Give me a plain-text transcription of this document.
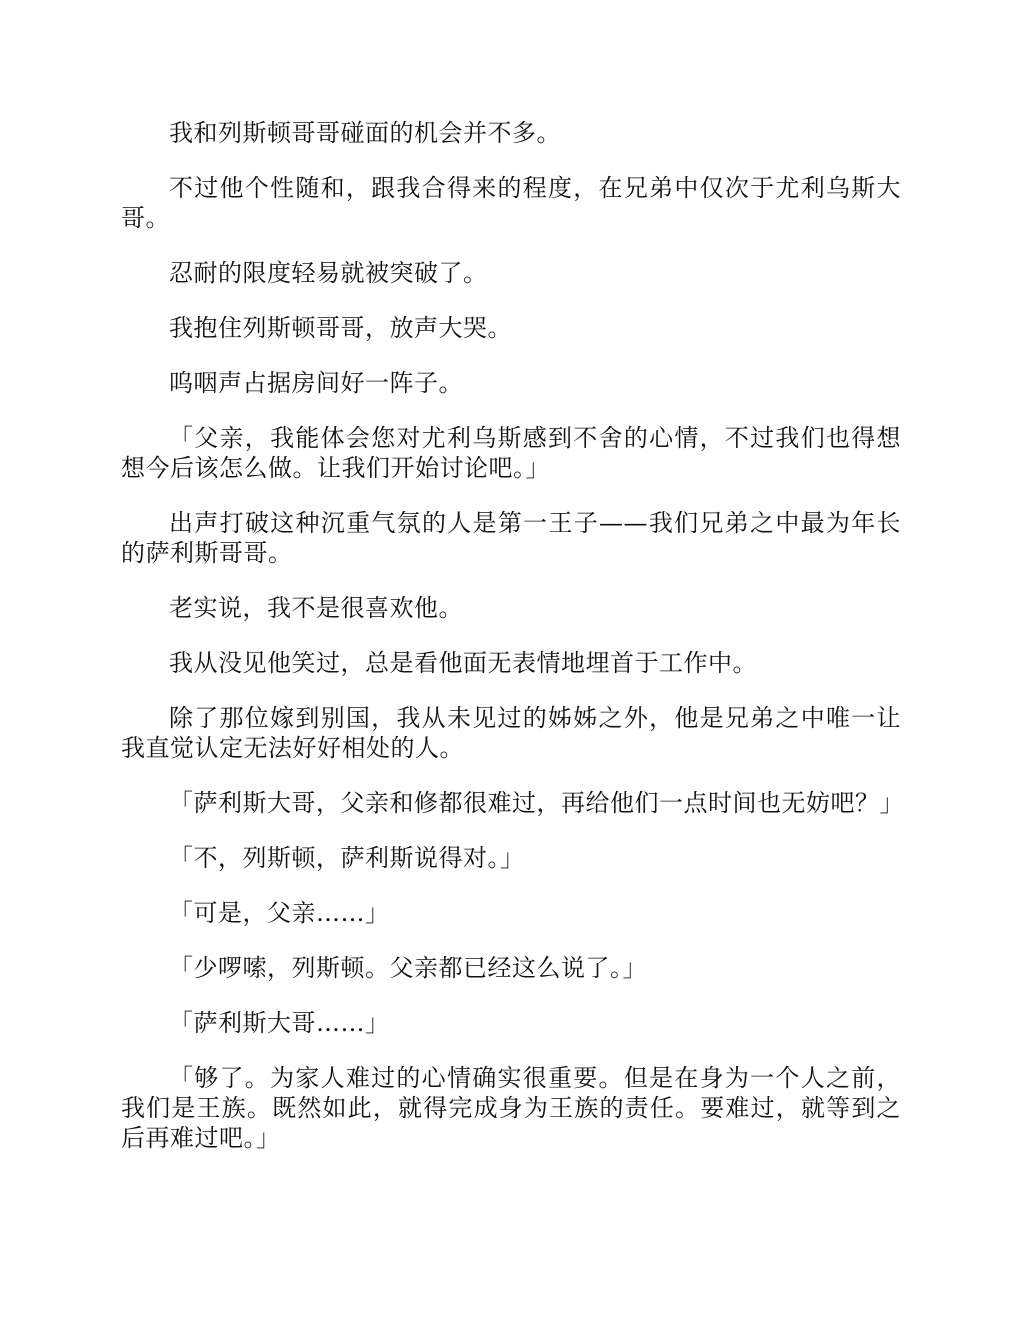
我和列斯顿哥哥碰面的机会并不多。

不过他个性随和，跟我合得来的程度，在兄弟中仅次于尤利乌斯大哥。

忍耐的限度轻易就被突破了。

我抱住列斯顿哥哥，放声大哭。

呜咽声占据房间好一阵子。

「父亲，我能体会您对尤利乌斯感到不舍的心情，不过我们也得想想今后该怎么做。让我们开始讨论吧。」

出声打破这种沉重气氛的人是第一王子——我们兄弟之中最为年长的萨利斯哥哥。

老实说，我不是很喜欢他。

我从没见他笑过，总是看他面无表情地埋首于工作中。

除了那位嫁到别国，我从未见过的姊姊之外，他是兄弟之中唯一让我直觉认定无法好好相处的人。

「萨利斯大哥，父亲和修都很难过，再给他们一点时间也无妨吧？」

「不，列斯顿，萨利斯说得对。」

「可是，父亲……」

「少啰嗦，列斯顿。父亲都已经这么说了。」

「萨利斯大哥……」

「够了。为家人难过的心情确实很重要。但是在身为一个人之前，我们是王族。既然如此，就得完成身为王族的责任。要难过，就等到之后再难过吧。」
